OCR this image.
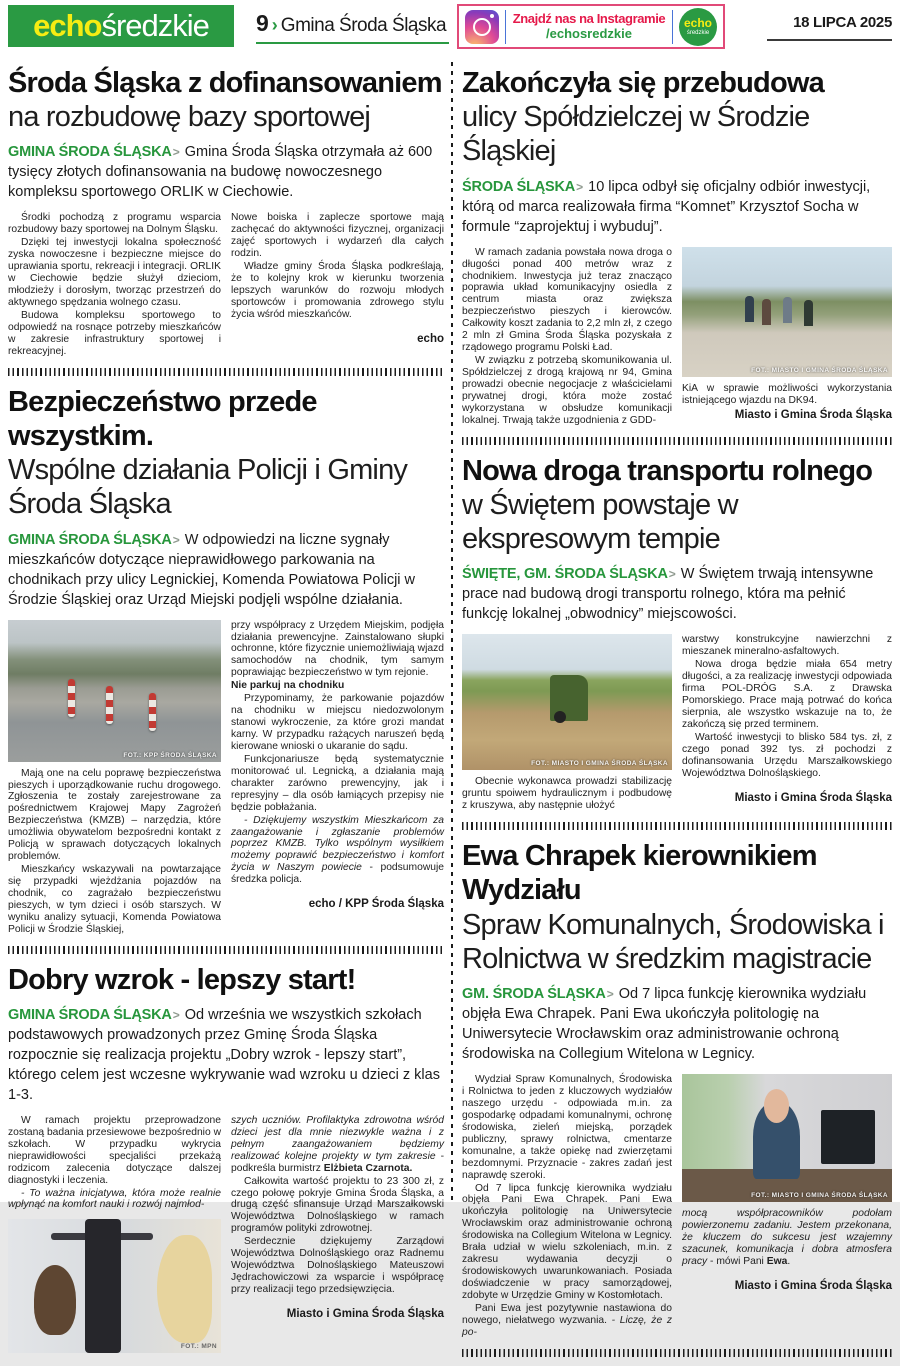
echo średzkie 9 › Gmina Środa Śląska	Znajdź nas na Instagramie
/echosredzkie
echo
średzkie
18 LIPCA 2025
Środa Śląska z dofinansowaniem
na rozbudowę bazy sportowej

GMINA ŚRODA ŚLĄSKA> Gmina Środa Śląska otrzymała aż 600 tysięcy złotych dofinansowania na budowę nowoczesnego kompleksu sportowego ORLIK w Ciechowie.

Środki pochodzą z programu wsparcia rozbudowy bazy sportowej na Dolnym Śląsku.

Dzięki tej inwestycji lokalna społeczność zyska nowoczesne i bezpieczne miejsce do uprawiania sportu, rekreacji i integracji. ORLIK w Ciechowie będzie służył dzieciom, młodzieży i dorosłym, tworząc przestrzeń do aktywnego spędzania wolnego czasu.

Budowa kompleksu sportowego to odpowiedź na rosnące potrzeby mieszkańców w zakresie infrastruktury sportowej i rekreacyjnej.

Nowe boiska i zaplecze sportowe mają zachęcać do aktywności fizycznej, organizacji zajęć sportowych i wydarzeń dla całych rodzin.

Władze gminy Środa Śląska podkreślają, że to kolejny krok w kierunku tworzenia lepszych warunków do rozwoju młodych sportowców i promowania zdrowego stylu życia wśród mieszkańców.

echo
Bezpieczeństwo przede wszystkim.
Wspólne działania Policji i Gminy Środa Śląska

GMINA ŚRODA ŚLĄSKA> W odpowiedzi na liczne sygnały mieszkańców dotyczące nieprawidłowego parkowania na chodnikach przy ulicy Legnickiej, Komenda Powiatowa Policji w Środzie Śląskiej oraz Urząd Miejski podjęli wspólne działania.

FOT.: KPP ŚRODA ŚLĄSKA

Mają one na celu poprawę bezpieczeństwa pieszych i uporządkowanie ruchu drogowego. Zgłoszenia te zostały zarejestrowane za pośrednictwem Krajowej Mapy Zagrożeń Bezpieczeństwa (KMZB) – narzędzia, które umożliwia obywatelom bezpośredni kontakt z Policją w sprawach dotyczących lokalnych problemów.

Mieszkańcy wskazywali na powtarzające się przypadki wjeżdżania pojazdów na chodnik, co zagrażało bezpieczeństwu pieszych, w tym dzieci i osób starszych. W wyniku analizy sytuacji, Komenda Powiatowa Policji w Środzie Śląskiej,

przy współpracy z Urzędem Miejskim, podjęła działania prewencyjne. Zainstalowano słupki ochronne, które fizycznie uniemożliwiają wjazd samochodów na chodnik, tym samym poprawiając bezpieczeństwo w tym rejonie.

Nie parkuj na chodniku

Przypominamy, że parkowanie pojazdów na chodniku w miejscu niedozwolonym stanowi wykroczenie, za które grozi mandat karny. W przypadku rażących naruszeń będą kierowane wnioski o ukaranie do sądu.

Funkcjonariusze będą systematycznie monitorować ul. Legnicką, a działania mają charakter zarówno prewencyjny, jak i represyjny – dla osób łamiących przepisy nie będzie pobłażania.

- Dziękujemy wszystkim Mieszkańcom za zaangażowanie i zgłaszanie problemów poprzez KMZB. Tylko wspólnym wysiłkiem możemy poprawić bezpieczeństwo i komfort życia w Naszym powiecie - podsumowuje średzka policja.

echo / KPP Środa Śląska
Dobry wzrok - lepszy start!

GMINA ŚRODA ŚLĄSKA> Od września we wszystkich szkołach podstawowych prowadzonych przez Gminę Środa Śląska rozpocznie się realizacja projektu „Dobry wzrok - lepszy start”, którego celem jest wczesne wykrywanie wad wzroku u dzieci z klas 1-3.

W ramach projektu przeprowadzone zostaną badania przesiewowe bezpośrednio w szkołach. W przypadku wykrycia nieprawidłowości specjaliści przekażą rodzicom zalecenia dotyczące dalszej diagnostyki i leczenia.

- To ważna inicjatywa, która może realnie wpłynąć na komfort nauki i rozwój najmłod-

FOT.: MPN

szych uczniów. Profilaktyka zdrowotna wśród dzieci jest dla mnie niezwykle ważna i z pełnym zaangażowaniem będziemy realizować kolejne projekty w tym zakresie - podkreśla burmistrz Elżbieta Czarnota.

Całkowita wartość projektu to 23 300 zł, z czego połowę pokryje Gmina Środa Śląska, a drugą część sfinansuje Urząd Marszałkowski Województwa Dolnośląskiego w ramach programów polityki zdrowotnej.

Serdecznie dziękujemy Zarządowi Województwa Dolnośląskiego oraz Radnemu Województwa Dolnośląskiego Mateuszowi Jędrachowiczowi za wsparcie i współpracę przy realizacji tego przedsięwzięcia.

Miasto i Gmina Środa Śląska
Zakończyła się przebudowa
ulicy Spółdzielczej w Środzie Śląskiej

ŚRODA ŚLĄSKA> 10 lipca odbył się oficjalny odbiór inwestycji, którą od marca realizowała firma “Komnet” Krzysztof Socha w formule “zaprojektuj i wybuduj”.

W ramach zadania powstała nowa droga o długości ponad 400 metrów wraz z chodnikiem. Inwestycja już teraz znacząco poprawia układ komunikacyjny osiedla z centrum miasta oraz zwiększa bezpieczeństwo pieszych i kierowców. Całkowity koszt zadania to 2,2 mln zł, z czego 2 mln zł Gmina Środa Śląska pozyskała z rządowego programu Polski Ład.

W związku z potrzebą skomunikowania ul. Spółdzielczej z drogą krajową nr 94, Gmina prowadzi obecnie negocjacje z właścicielami prywatnej drogi, która może zostać wykorzystana w obsłudze komunikacji lokalnej. Trwają także uzgodnienia z GDD-

FOT.: MIASTO I GMINA ŚRODA ŚLĄSKA

KiA w sprawie możliwości wykorzystania istniejącego wjazdu na DK94.

Miasto i Gmina Środa Śląska
Nowa droga transportu rolnego
w Świętem powstaje w ekspresowym tempie

ŚWIĘTE, GM. ŚRODA ŚLĄSKA> W Świętem trwają intensywne prace nad budową drogi transportu rolnego, która ma pełnić funkcję lokalnej „obwodnicy” miejscowości.

FOT.: MIASTO I GMINA ŚRODA ŚLĄSKA

Obecnie wykonawca prowadzi stabilizację gruntu spoiwem hydraulicznym i podbudowę z kruszywa, aby następnie ułożyć

warstwy konstrukcyjne nawierzchni z mieszanek mineralno-asfaltowych.

Nowa droga będzie miała 654 metry długości, a za realizację inwestycji odpowiada firma POL-DRÓG S.A. z Drawska Pomorskiego. Prace mają potrwać do końca sierpnia, ale wszystko wskazuje na to, że zakończą się przed terminem.

Wartość inwestycji to blisko 584 tys. zł, z czego ponad 392 tys. zł pochodzi z dofinansowania Urzędu Marszałkowskiego Województwa Dolnośląskiego.

Miasto i Gmina Środa Śląska
Ewa Chrapek kierownikiem Wydziału
Spraw Komunalnych, Środowiska i Rolnictwa w średzkim magistracie

GM. ŚRODA ŚLĄSKA> Od 7 lipca funkcję kierownika wydziału objęła Ewa Chrapek. Pani Ewa ukończyła politologię na Uniwersytecie Wrocławskim oraz administrowanie ochroną środowiska na Collegium Witelona w Legnicy.

Wydział Spraw Komunalnych, Środowiska i Rolnictwa to jeden z kluczowych wydziałów naszego urzędu - odpowiada m.in. za gospodarkę odpadami komunalnymi, ochronę środowiska, zieleń miejską, porządek publiczny, sprawy rolnictwa, cmentarze komunalne, a także opiekę nad zwierzętami bezdomnymi. Przyznacie - zakres zadań jest naprawdę szeroki.

Od 7 lipca funkcję kierownika wydziału objęła Pani Ewa Chrapek. Pani Ewa ukończyła politologię na Uniwersytecie Wrocławskim oraz administrowanie ochroną środowiska na Collegium Witelona w Legnicy. Brała udział w wielu szkoleniach, m.in. z zakresu wydawania decyzji o środowiskowych uwarunkowaniach. Posiada doświadczenie w pracy samorządowej, zdobyte w Urzędzie Gminy w Kostomłotach.

Pani Ewa jest pozytywnie nastawiona do nowego, niełatwego wyzwania. - Liczę, że z po-

FOT.: MIASTO I GMINA ŚRODA ŚLĄSKA

mocą współpracowników podołam powierzonemu zadaniu. Jestem przekonana, że kluczem do sukcesu jest wzajemny szacunek, komunikacja i dobra atmosfera pracy - mówi Pani Ewa.

Miasto i Gmina Środa Śląska
